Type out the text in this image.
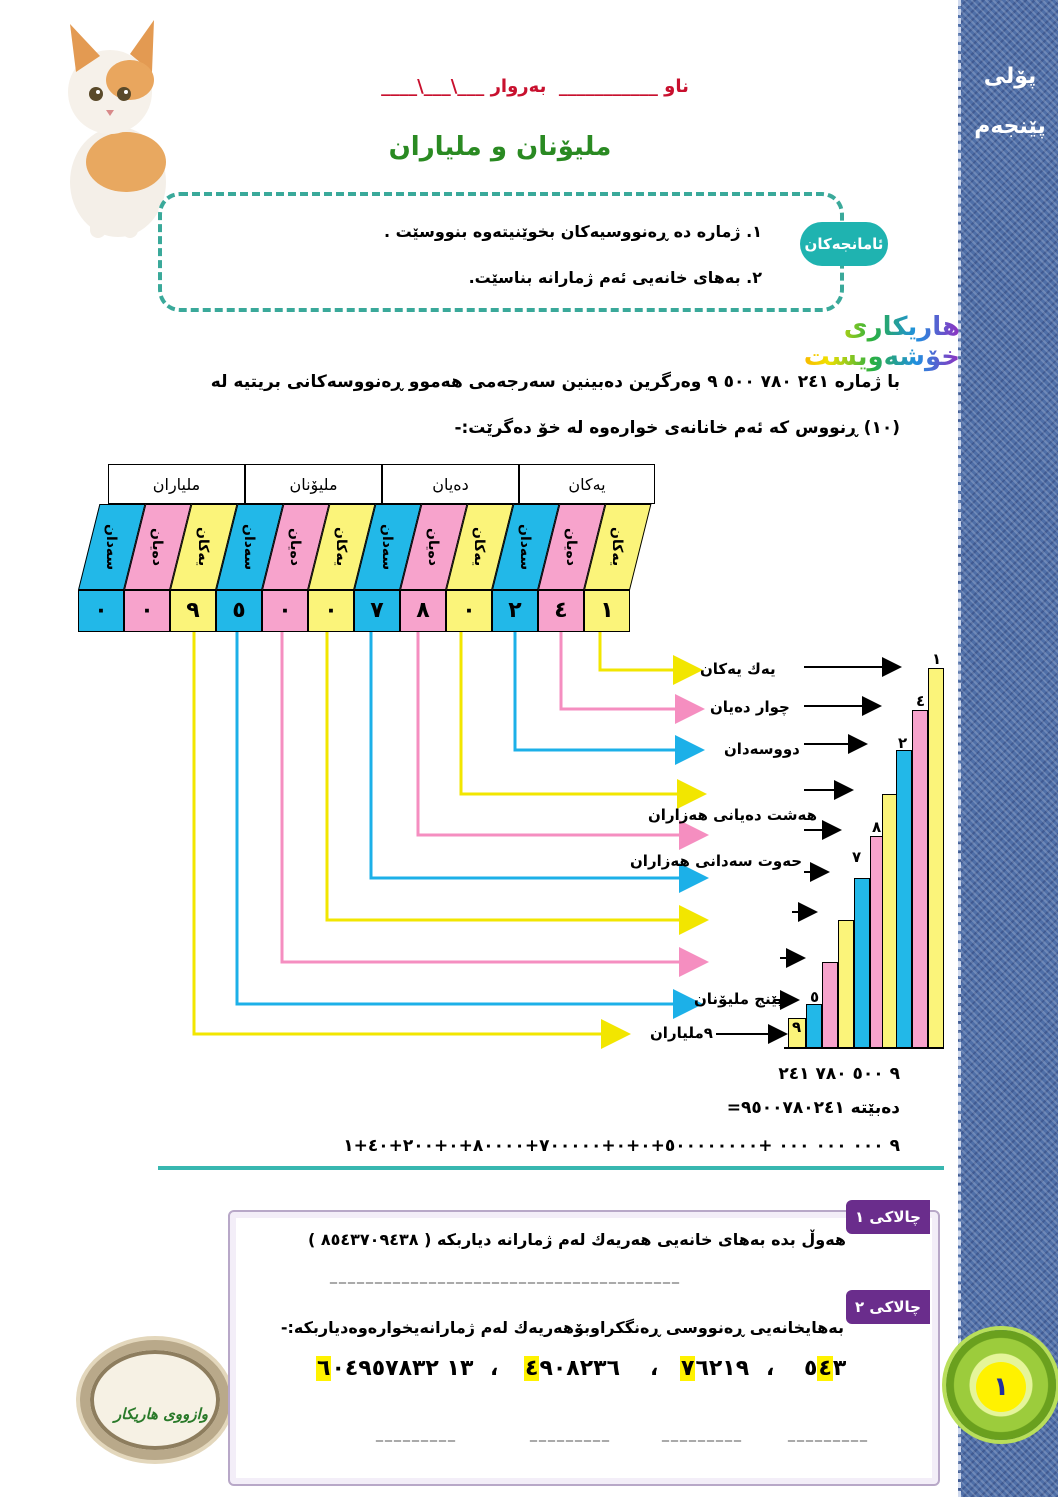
پۆلی
پێنجەم
١
ناو ___________  بەروار ___\___\____
ملیۆنان و ملیاران
١. ژمارە دە ڕەنووسیەکان بخوێنیتەوە بنووسێت .
٢. بەهای خانەیی ئەم ژمارانە بناسێت.
ئامانجەکان
هاریکاری خۆشەویست
با ژمارە ٢٤١ ٧٨٠ ٥٠٠ ٩ وەرگرین دەبینین سەرجەمی هەموو ڕەنووسەکانی بریتیە لە
(١٠) ڕنووس کە ئەم خانانەی خوارەوە لە خۆ دەگرێت:-
ملیاران	ملیۆنان	دەیان	یەکان
سەدان	دەیان	یەکان	سەدان	دەیان	یەکان	سەدان	دەیان	یەکان	سەدان	دەیان	یەکان
٠	٠	٩	٥	٠	٠	٧	٨	٠	٢	٤	١
یەك یەکان
چوار دەیان
دووسەدان
هەشت دەیانی هەزاران
حەوت سەدانی هەزاران
پێنج ملیۆنان
٩ملیاران
١
٤
٢
٨
٧
٥
٩
٩ ٥٠٠ ٧٨٠ ٢٤١
دەبێتە ٩٥٠٠٧٨٠٢٤١=
٩ ٠٠٠ ٠٠٠ ٠٠٠ +٥٠٠٠٠٠٠٠٠+٠+٠+٧٠٠٠٠٠+٨٠٠٠٠+٠+٢٠٠+٤٠+١
وازووی هاریکار
چالاکی ١
هەوڵ بدە بەهای خانەیی هەریەك لەم ژمارانە دیاربکە ( ٨٥٤٣٧٠٩٤٣٨ )
_______________________________________
چالاکی ٢
بەهایخانەیی ڕەنووسی ڕەنگکراوبۆهەریەك لەم ژمارانەیخوارەوەدیاربکە:-
٥٤٣
،
٧٦٢١٩
،
٤٩٠٨٢٣٦
،
١٣ ٦٠٤٩٥٧٨٣٢
_________	_________	_________	_________
